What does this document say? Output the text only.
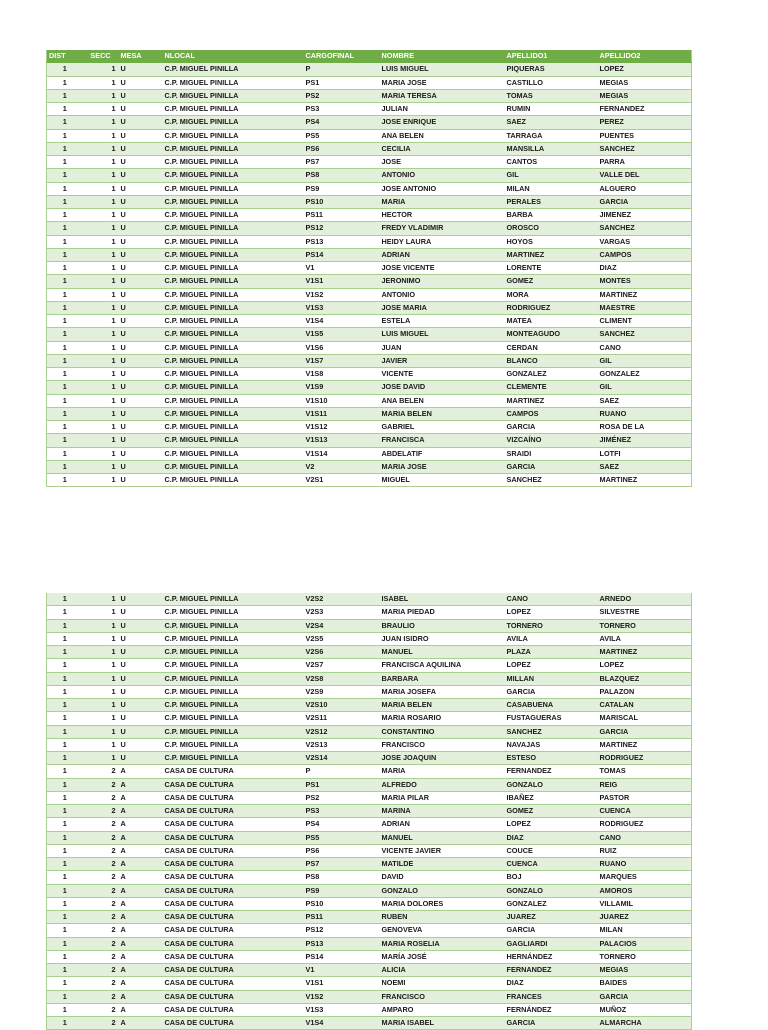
DIST	SECC	MESA	NLOCAL	CARGOFINAL	NOMBRE	APELLIDO1	APELLIDO2
1	1	U	C.P. MIGUEL PINILLA	P	LUIS MIGUEL	PIQUERAS	LOPEZ
1	1	U	C.P. MIGUEL PINILLA	PS1	MARIA JOSE	CASTILLO	MEGIAS
1	1	U	C.P. MIGUEL PINILLA	PS2	MARIA TERESA	TOMAS	MEGIAS
1	1	U	C.P. MIGUEL PINILLA	PS3	JULIAN	RUMIN	FERNANDEZ
1	1	U	C.P. MIGUEL PINILLA	PS4	JOSE ENRIQUE	SAEZ	PEREZ
1	1	U	C.P. MIGUEL PINILLA	PS5	ANA BELEN	TARRAGA	PUENTES
1	1	U	C.P. MIGUEL PINILLA	PS6	CECILIA	MANSILLA	SANCHEZ
1	1	U	C.P. MIGUEL PINILLA	PS7	JOSE	CANTOS	PARRA
1	1	U	C.P. MIGUEL PINILLA	PS8	ANTONIO	GIL	VALLE DEL
1	1	U	C.P. MIGUEL PINILLA	PS9	JOSE ANTONIO	MILAN	ALGUERO
1	1	U	C.P. MIGUEL PINILLA	PS10	MARIA	PERALES	GARCIA
1	1	U	C.P. MIGUEL PINILLA	PS11	HECTOR	BARBA	JIMENEZ
1	1	U	C.P. MIGUEL PINILLA	PS12	FREDY VLADIMIR	OROSCO	SANCHEZ
1	1	U	C.P. MIGUEL PINILLA	PS13	HEIDY LAURA	HOYOS	VARGAS
1	1	U	C.P. MIGUEL PINILLA	PS14	ADRIAN	MARTINEZ	CAMPOS
1	1	U	C.P. MIGUEL PINILLA	V1	JOSE VICENTE	LORENTE	DIAZ
1	1	U	C.P. MIGUEL PINILLA	V1S1	JERONIMO	GOMEZ	MONTES
1	1	U	C.P. MIGUEL PINILLA	V1S2	ANTONIO	MORA	MARTINEZ
1	1	U	C.P. MIGUEL PINILLA	V1S3	JOSE MARIA	RODRIGUEZ	MAESTRE
1	1	U	C.P. MIGUEL PINILLA	V1S4	ESTELA	MATEA	CLIMENT
1	1	U	C.P. MIGUEL PINILLA	V1S5	LUIS MIGUEL	MONTEAGUDO	SANCHEZ
1	1	U	C.P. MIGUEL PINILLA	V1S6	JUAN	CERDAN	CANO
1	1	U	C.P. MIGUEL PINILLA	V1S7	JAVIER	BLANCO	GIL
1	1	U	C.P. MIGUEL PINILLA	V1S8	VICENTE	GONZALEZ	GONZALEZ
1	1	U	C.P. MIGUEL PINILLA	V1S9	JOSE DAVID	CLEMENTE	GIL
1	1	U	C.P. MIGUEL PINILLA	V1S10	ANA BELEN	MARTINEZ	SAEZ
1	1	U	C.P. MIGUEL PINILLA	V1S11	MARIA BELEN	CAMPOS	RUANO
1	1	U	C.P. MIGUEL PINILLA	V1S12	GABRIEL	GARCIA	ROSA DE LA
1	1	U	C.P. MIGUEL PINILLA	V1S13	FRANCISCA	VIZCAÍNO	JIMÉNEZ
1	1	U	C.P. MIGUEL PINILLA	V1S14	ABDELATIF	SRAIDI	LOTFI
1	1	U	C.P. MIGUEL PINILLA	V2	MARIA JOSE	GARCIA	SAEZ
1	1	U	C.P. MIGUEL PINILLA	V2S1	MIGUEL	SANCHEZ	MARTINEZ
1	1	U	C.P. MIGUEL PINILLA	V2S2	ISABEL	CANO	ARNEDO
1	1	U	C.P. MIGUEL PINILLA	V2S3	MARIA PIEDAD	LOPEZ	SILVESTRE
1	1	U	C.P. MIGUEL PINILLA	V2S4	BRAULIO	TORNERO	TORNERO
1	1	U	C.P. MIGUEL PINILLA	V2S5	JUAN ISIDRO	AVILA	AVILA
1	1	U	C.P. MIGUEL PINILLA	V2S6	MANUEL	PLAZA	MARTINEZ
1	1	U	C.P. MIGUEL PINILLA	V2S7	FRANCISCA AQUILINA	LOPEZ	LOPEZ
1	1	U	C.P. MIGUEL PINILLA	V2S8	BARBARA	MILLAN	BLAZQUEZ
1	1	U	C.P. MIGUEL PINILLA	V2S9	MARIA JOSEFA	GARCIA	PALAZON
1	1	U	C.P. MIGUEL PINILLA	V2S10	MARIA BELEN	CASABUENA	CATALAN
1	1	U	C.P. MIGUEL PINILLA	V2S11	MARIA ROSARIO	FUSTAGUERAS	MARISCAL
1	1	U	C.P. MIGUEL PINILLA	V2S12	CONSTANTINO	SANCHEZ	GARCIA
1	1	U	C.P. MIGUEL PINILLA	V2S13	FRANCISCO	NAVAJAS	MARTINEZ
1	1	U	C.P. MIGUEL PINILLA	V2S14	JOSE JOAQUIN	ESTESO	RODRIGUEZ
1	2	A	CASA DE CULTURA	P	MARIA	FERNANDEZ	TOMAS
1	2	A	CASA DE CULTURA	PS1	ALFREDO	GONZALO	REIG
1	2	A	CASA DE CULTURA	PS2	MARIA PILAR	IBAÑEZ	PASTOR
1	2	A	CASA DE CULTURA	PS3	MARINA	GOMEZ	CUENCA
1	2	A	CASA DE CULTURA	PS4	ADRIAN	LOPEZ	RODRIGUEZ
1	2	A	CASA DE CULTURA	PS5	MANUEL	DIAZ	CANO
1	2	A	CASA DE CULTURA	PS6	VICENTE JAVIER	COUCE	RUIZ
1	2	A	CASA DE CULTURA	PS7	MATILDE	CUENCA	RUANO
1	2	A	CASA DE CULTURA	PS8	DAVID	BOJ	MARQUES
1	2	A	CASA DE CULTURA	PS9	GONZALO	GONZALO	AMOROS
1	2	A	CASA DE CULTURA	PS10	MARIA DOLORES	GONZALEZ	VILLAMIL
1	2	A	CASA DE CULTURA	PS11	RUBEN	JUAREZ	JUAREZ
1	2	A	CASA DE CULTURA	PS12	GENOVEVA	GARCIA	MILAN
1	2	A	CASA DE CULTURA	PS13	MARIA ROSELIA	GAGLIARDI	PALACIOS
1	2	A	CASA DE CULTURA	PS14	MARÍA JOSÉ	HERNÁNDEZ	TORNERO
1	2	A	CASA DE CULTURA	V1	ALICIA	FERNANDEZ	MEGIAS
1	2	A	CASA DE CULTURA	V1S1	NOEMI	DIAZ	BAIDES
1	2	A	CASA DE CULTURA	V1S2	FRANCISCO	FRANCES	GARCIA
1	2	A	CASA DE CULTURA	V1S3	AMPARO	FERNÁNDEZ	MUÑOZ
1	2	A	CASA DE CULTURA	V1S4	MARIA ISABEL	GARCIA	ALMARCHA
